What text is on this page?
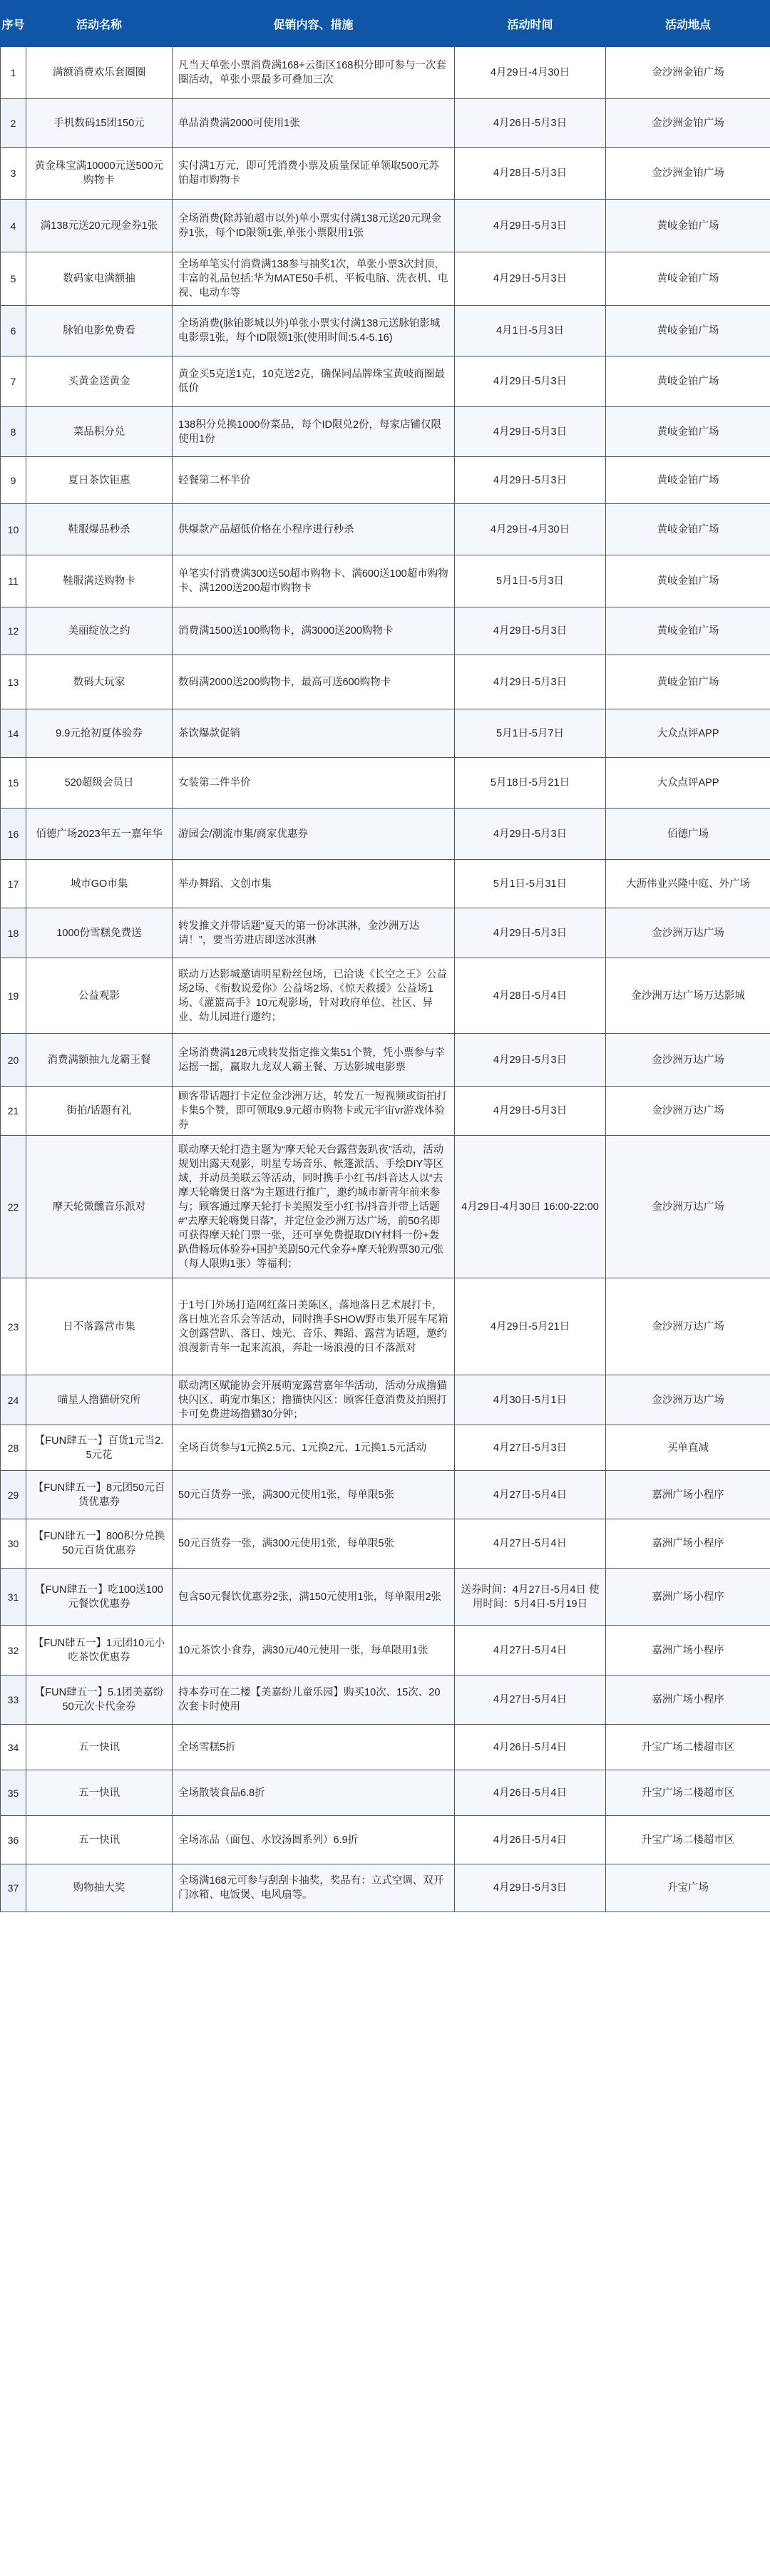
序号	活动名称	促销内容、措施	活动时间	活动地点
1	满额消费欢乐套圈圈	凡当天单张小票消费满168+云街区168积分即可参与一次套圈活动，单张小票最多可叠加三次	4月29日-4月30日	金沙洲金铂广场
2	手机数码15团150元	单品消费满2000可使用1张	4月26日-5月3日	金沙洲金铂广场
3	黄金珠宝满10000元送500元购物卡	实付满1万元，即可凭消费小票及质量保证单领取500元苏铂超市购物卡	4月28日-5月3日	金沙洲金铂广场
4	满138元送20元现金券1张	全场消费(除苏铂超市以外)单小票实付满138元送20元现金券1张，每个ID限领1张,单张小票限用1张	4月29日-5月3日	黄岐金铂广场
5	数码家电满额抽	全场单笔实付消费满138参与抽奖1次，单张小票3次封顶，丰富的礼品包括:华为MATE50手机、平板电脑、洗衣机、电视、电动车等	4月29日-5月3日	黄岐金铂广场
6	脉铂电影免费看	全场消费(脉铂影城以外)单张小票实付满138元送脉铂影城电影票1张，每个ID限领1张(使用时间:5.4-5.16)	4月1日-5月3日	黄岐金铂广场
7	买黄金送黄金	黄金买5克送1克，10克送2克，确保同品牌珠宝黄岐商圈最低价	4月29日-5月3日	黄岐金铂广场
8	菜品积分兑	138积分兑换1000份菜品，每个ID限兑2份，每家店铺仅限使用1份	4月29日-5月3日	黄岐金铂广场
9	夏日茶饮钜惠	轻餐第二杯半价	4月29日-5月3日	黄岐金铂广场
10	鞋服爆品秒杀	供爆款产品超低价格在小程序进行秒杀	4月29日-4月30日	黄岐金铂广场
11	鞋服满送购物卡	单笔实付消费满300送50超市购物卡、满600送100超市购物卡、满1200送200超市购物卡	5月1日-5月3日	黄岐金铂广场
12	美丽绽放之约	消费满1500送100购物卡，满3000送200购物卡	4月29日-5月3日	黄岐金铂广场
13	数码大玩家	数码满2000送200购物卡，最高可送600购物卡	4月29日-5月3日	黄岐金铂广场
14	9.9元抢初夏体验券	茶饮爆款促销	5月1日-5月7日	大众点评APP
15	520超级会员日	女装第二件半价	5月18日-5月21日	大众点评APP
16	佰德广场2023年五一嘉年华	游园会/潮流市集/商家优惠券	4月29日-5月3日	佰德广场
17	城市GO市集	举办舞蹈、文创市集	5月1日-5月31日	大沥伟业兴隆中庭、外广场
18	1000份雪糕免费送	转发推文并带话题“夏天的第一份冰淇淋，金沙洲万达请！”，要当劳进店即送冰淇淋	4月29日-5月3日	金沙洲万达广场
19	公益观影	联动万达影城邀请明星粉丝包场，已洽谈《长空之王》公益场2场、《衔数说爱你》公益场2场、《惊天救援》公益场1场、《灌篮高手》10元观影场，针对政府单位、社区、异业、幼儿园进行邀约；	4月28日-5月4日	金沙洲万达广场万达影城
20	消费满额抽九龙霸王餐	全场消费满128元或转发指定推文集51个赞，凭小票参与幸运摇一摇，赢取九龙双人霸王餐、万达影城电影票	4月29日-5月3日	金沙洲万达广场
21	街拍/话题有礼	顾客带话题打卡定位金沙洲万达，转发五一短视频或街拍打卡集5个赞，即可领取9.9元超市购物卡或元宇宙vr游戏体验券	4月29日-5月3日	金沙洲万达广场
22	摩天轮微醺音乐派对	联动摩天轮打造主题为“摩天轮天台露营轰趴夜”活动，活动规划出露天观影，明星专场音乐、帐篷派活、手绘DIY等区域，并动员美联云等活动，同时携手小红书/抖音达人以“去摩天轮嗨煲日落”为主题进行推广，邀约城市新青年前来参与；顾客通过摩天轮打卡美照发至小红书/抖音并带上话题#“去摩天轮嗨煲日落”，并定位金沙洲万达广场，前50名即可获得摩天轮门票一张，还可享免费提取DIY材料一份+轰趴借畅玩体验券+国护美剧50元代金券+摩天轮购票30元/张（每人限购1张）等福利；	4月29日-4月30日 16:00-22:00	金沙洲万达广场
23	日不落露营市集	于1号门外场打造网红落日美陈区，落地落日艺术展打卡，落日烛光音乐会等活动，同时携手SHOW野市集开展车尾箱文创露营趴、落日、烛光、音乐、舞蹈、露营为话题，邀约浪漫新青年一起来流浪，奔赴一场浪漫的日不落派对	4月29日-5月21日	金沙洲万达广场
24	喵星人撸猫研究所	联动湾区赋能协会开展萌宠露营嘉年华活动，活动分成撸猫快闪区、萌宠市集区；撸猫快闪区：顾客任意消费及拍照打卡可免费进场撸猫30分钟；	4月30日-5月1日	金沙洲万达广场
28	【FUN肆五一】百货1元当2.5元花	全场百货参与1元换2.5元、1元换2元、1元换1.5元活动	4月27日-5月3日	买单直减
29	【FUN肆五一】8元团50元百货优惠券	50元百货券一张，满300元使用1张，每单限5张	4月27日-5月4日	嘉洲广场小程序
30	【FUN肆五一】800积分兑换50元百货优惠券	50元百货券一张，满300元使用1张，每单限5张	4月27日-5月4日	嘉洲广场小程序
31	【FUN肆五一】吃100送100元餐饮优惠券	包含50元餐饮优惠券2张，满150元使用1张，每单限用2张	送券时间：4月27日-5月4日 使用时间：5月4日-5月19日	嘉洲广场小程序
32	【FUN肆五一】1元团10元小吃茶饮优惠券	10元茶饮小食券，满30元/40元使用一张，每单限用1张	4月27日-5月4日	嘉洲广场小程序
33	【FUN肆五一】5.1团美嘉纷50元次卡代金券	持本券可在二楼【美嘉纷儿童乐园】购买10次、15次、20次套卡时使用	4月27日-5月4日	嘉洲广场小程序
34	五一快讯	全场雪糕5折	4月26日-5月4日	升宝广场二楼超市区
35	五一快讯	全场散装食品6.8折	4月26日-5月4日	升宝广场二楼超市区
36	五一快讯	全场冻品（面包、水饺汤圆系列）6.9折	4月26日-5月4日	升宝广场二楼超市区
37	购物抽大奖	全场满168元可参与刮刮卡抽奖，奖品有：立式空调、双开门冰箱、电饭煲、电风扇等。	4月29日-5月3日	升宝广场
